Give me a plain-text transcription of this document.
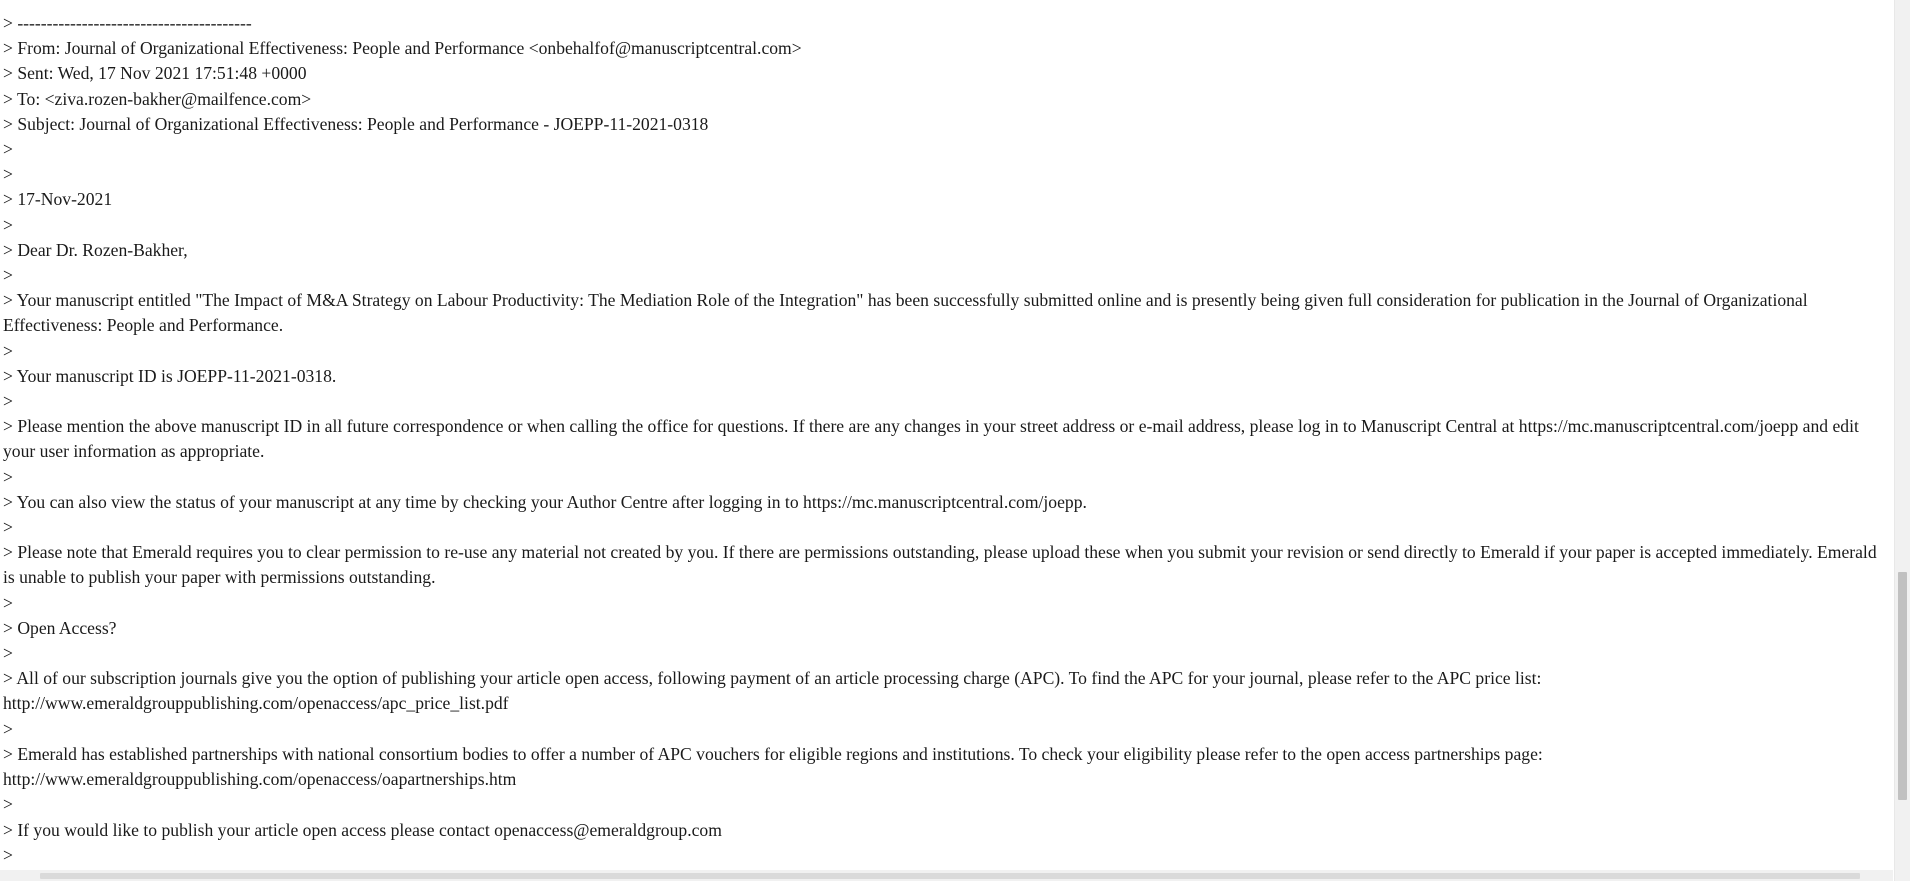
> ----------------------------------------

> From: Journal of Organizational Effectiveness: People and Performance <onbehalfof@manuscriptcentral.com>

> Sent: Wed, 17 Nov 2021 17:51:48 +0000

> To: <ziva.rozen-bakher@mailfence.com>

> Subject: Journal of Organizational Effectiveness: People and Performance - JOEPP-11-2021-0318

>

>

> 17-Nov-2021

>

> Dear Dr. Rozen-Bakher,

>

> Your manuscript entitled "The Impact of M&A Strategy on Labour Productivity: The Mediation Role of the Integration" has been successfully submitted online and is presently being given full consideration for publication in the Journal of Organizational Effectiveness: People and Performance.

>

> Your manuscript ID is JOEPP-11-2021-0318.

>

> Please mention the above manuscript ID in all future correspondence or when calling the office for questions. If there are any changes in your street address or e-mail address, please log in to Manuscript Central at https://mc.manuscriptcentral.com/joepp and edit your user information as appropriate.

>

> You can also view the status of your manuscript at any time by checking your Author Centre after logging in to https://mc.manuscriptcentral.com/joepp.

>

> Please note that Emerald requires you to clear permission to re-use any material not created by you. If there are permissions outstanding, please upload these when you submit your revision or send directly to Emerald if your paper is accepted immediately. Emerald is unable to publish your paper with permissions outstanding.

>

> Open Access?

>

> All of our subscription journals give you the option of publishing your article open access, following payment of an article processing charge (APC). To find the APC for your journal, please refer to the APC price list: http://www.emeraldgrouppublishing.com/openaccess/apc_price_list.pdf

>

> Emerald has established partnerships with national consortium bodies to offer a number of APC vouchers for eligible regions and institutions. To check your eligibility please refer to the open access partnerships page: http://www.emeraldgrouppublishing.com/openaccess/oapartnerships.htm

>

> If you would like to publish your article open access please contact openaccess@emeraldgroup.com

>
